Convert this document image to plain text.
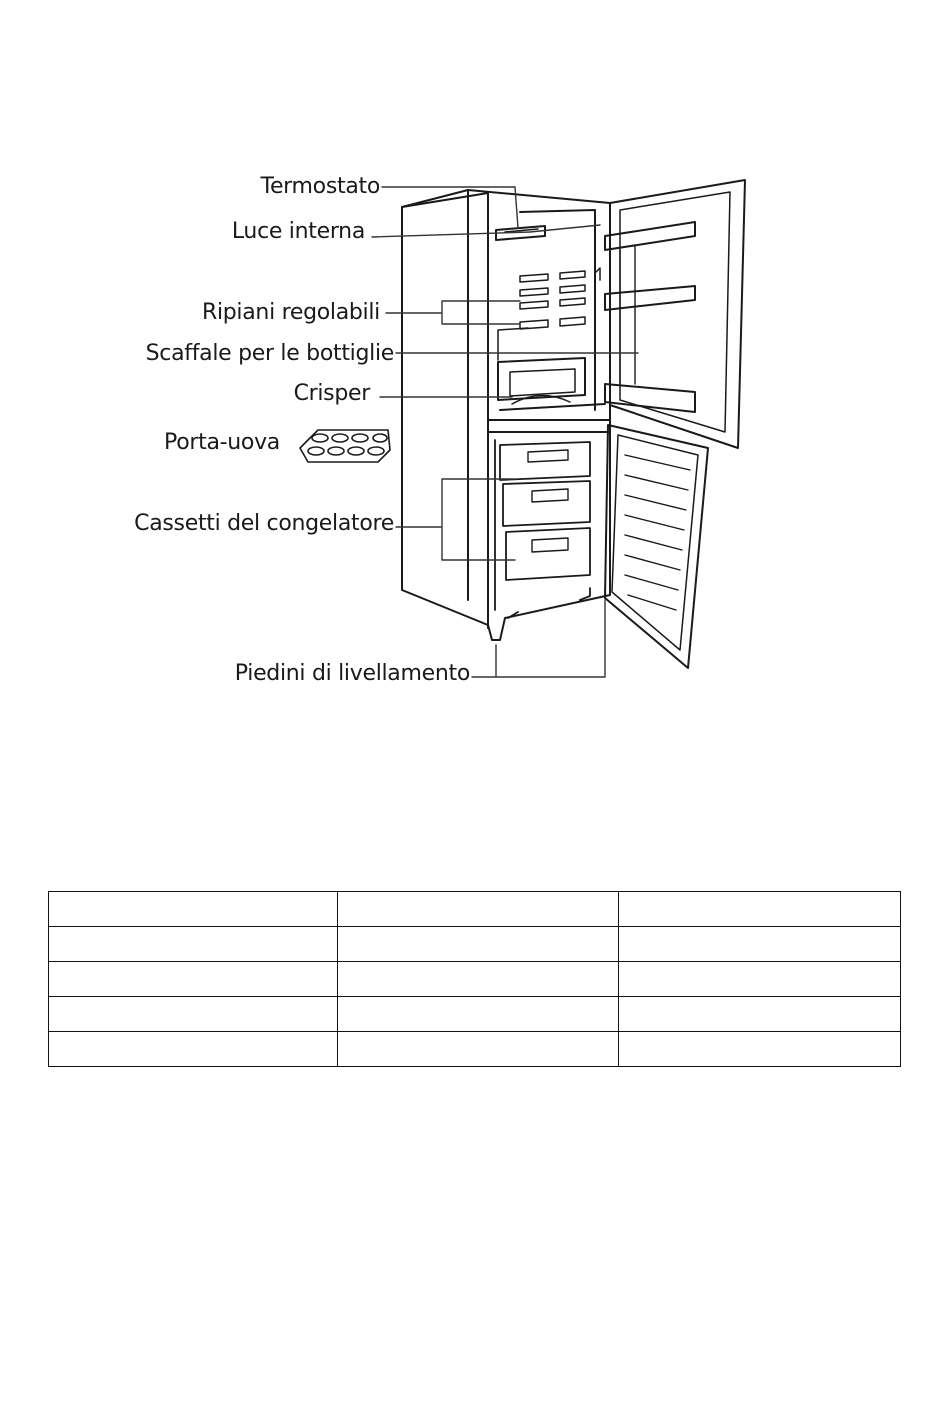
Termostato
Luce interna
Ripiani regolabili
Scaffale per le bottiglie
Crisper
Porta-uova
Cassetti del congelatore
Piedini di livellamento
